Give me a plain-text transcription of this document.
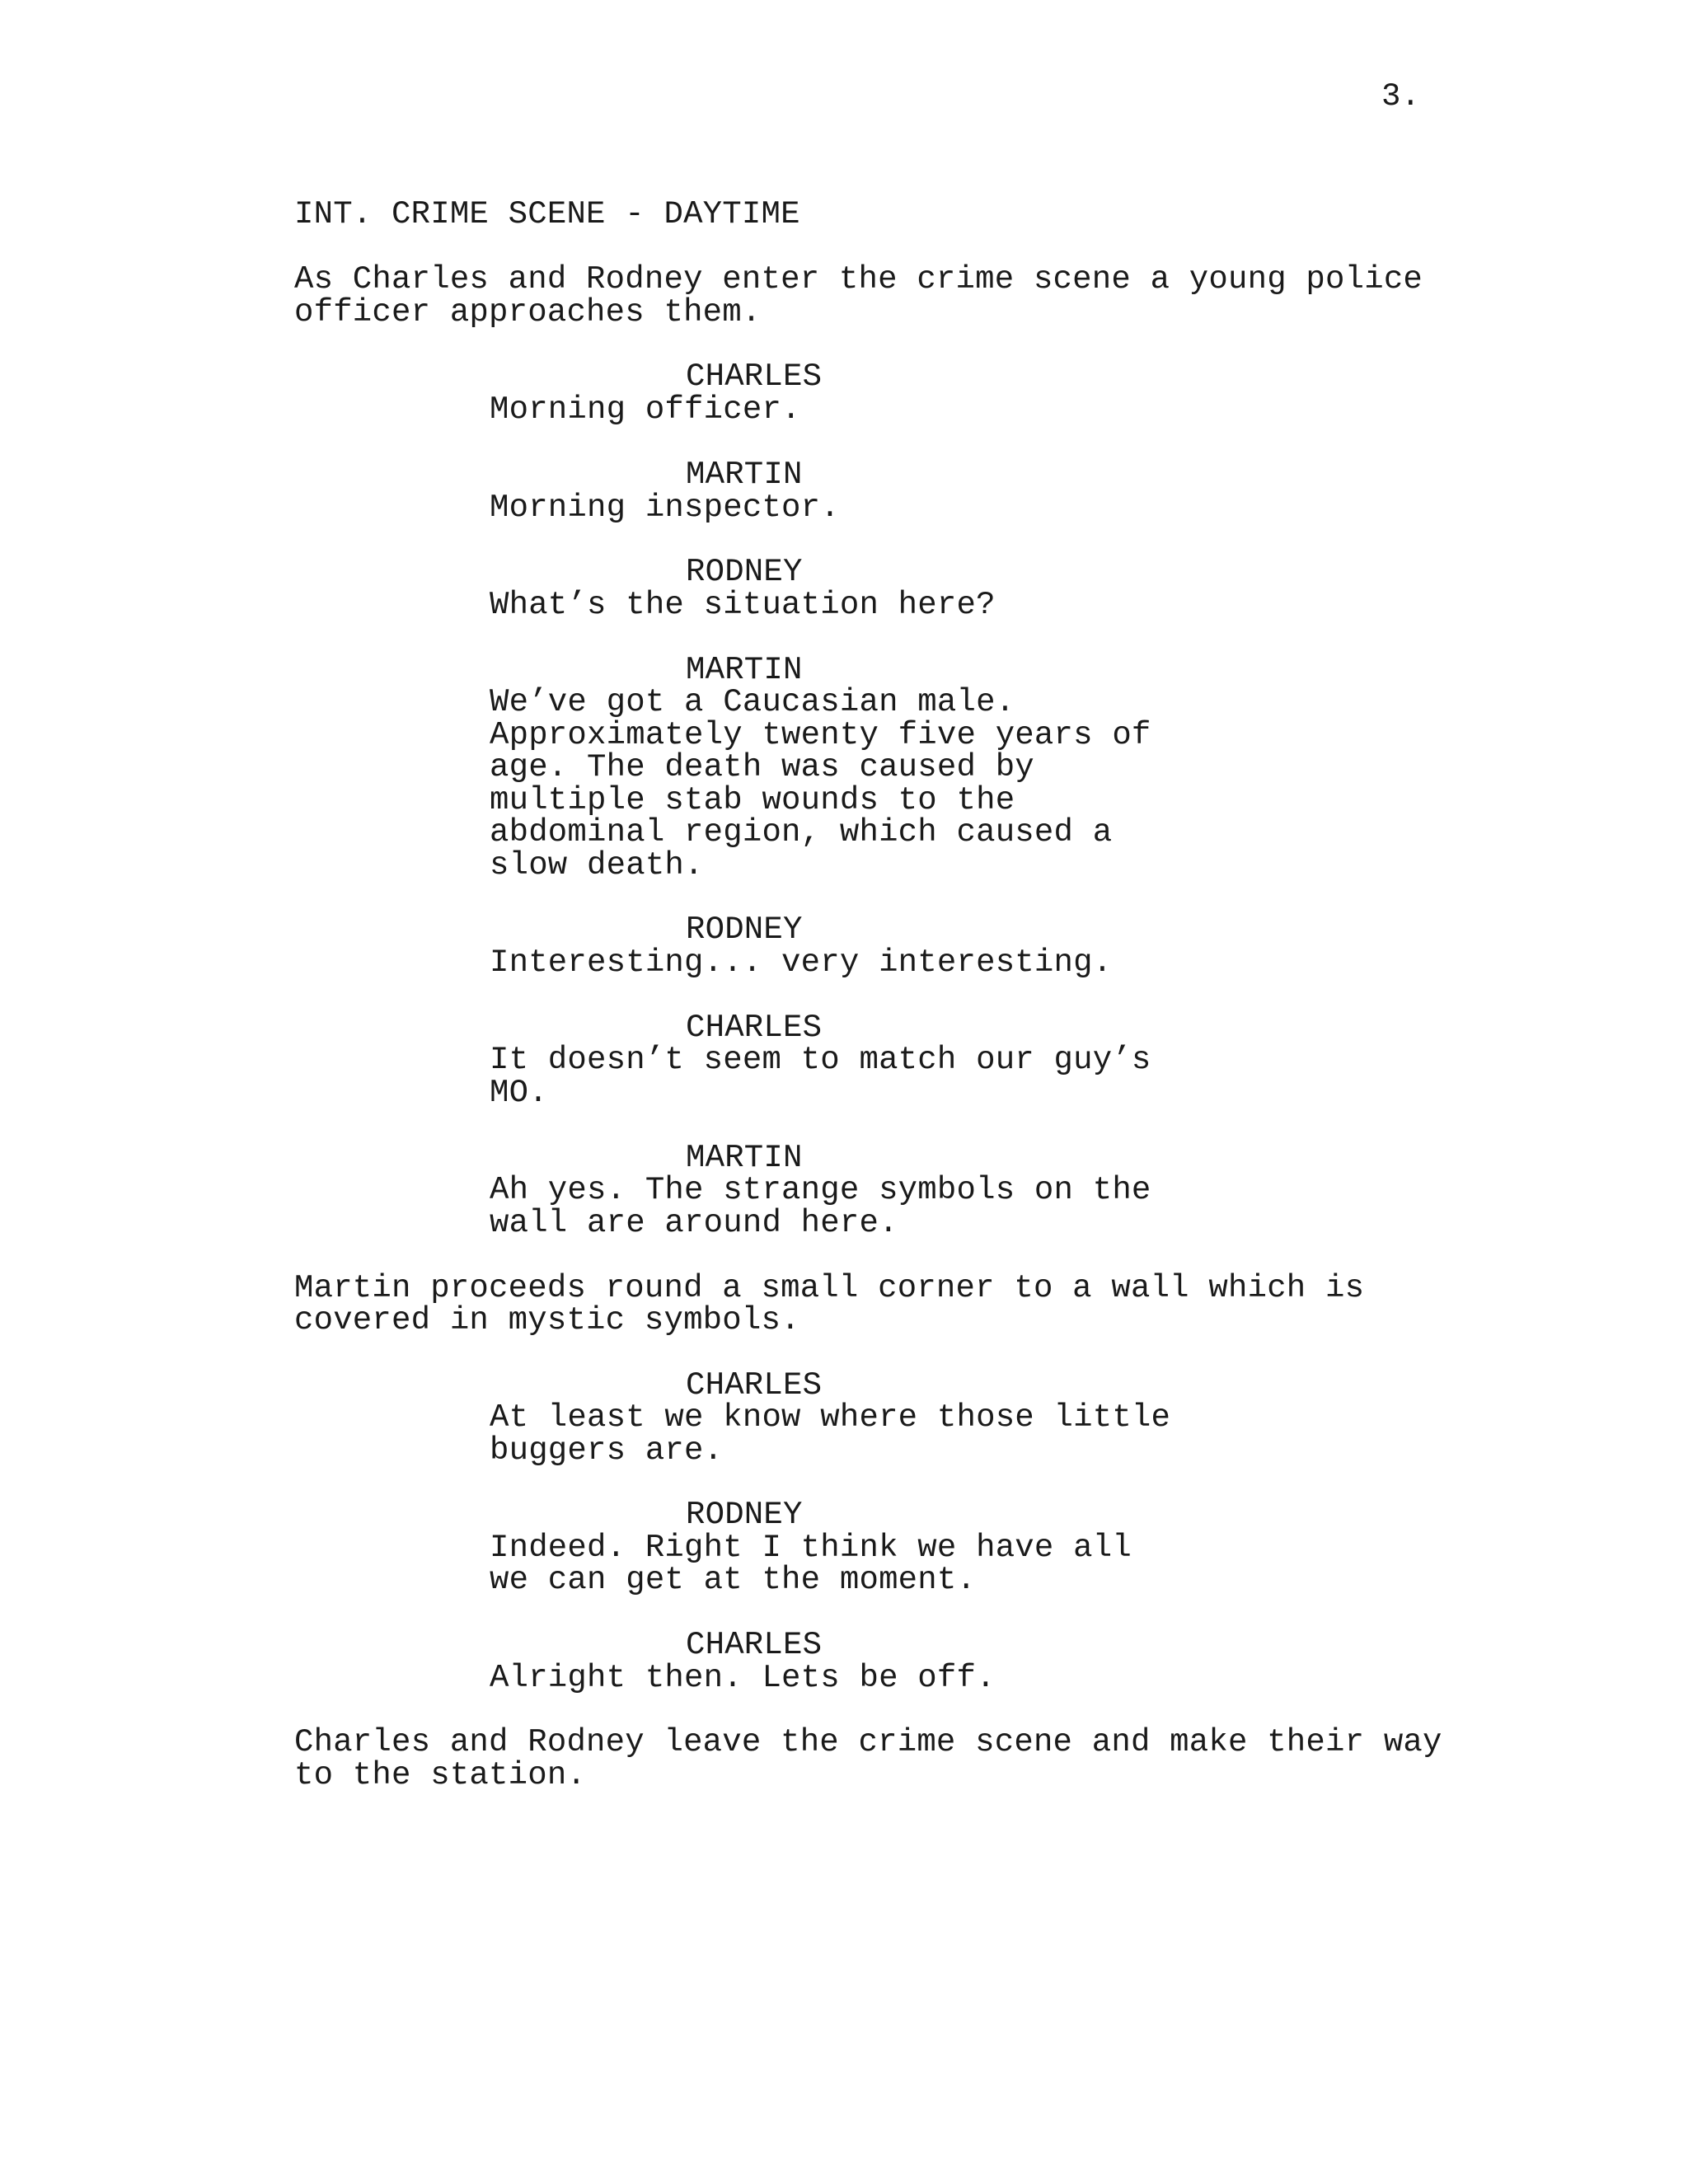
3.
INT. CRIME SCENE - DAYTIME
As Charles and Rodney enter the crime scene a young police
officer approaches them.
CHARLES
Morning officer.
MARTIN
Morning inspector.
RODNEY
What’s the situation here?
MARTIN
We’ve got a Caucasian male.
Approximately twenty five years of
age. The death was caused by
multiple stab wounds to the
abdominal region, which caused a
slow death.
RODNEY
Interesting... very interesting.
CHARLES
It doesn’t seem to match our guy’s
MO.
MARTIN
Ah yes. The strange symbols on the
wall are around here.
Martin proceeds round a small corner to a wall which is
covered in mystic symbols.
CHARLES
At least we know where those little
buggers are.
RODNEY
Indeed. Right I think we have all
we can get at the moment.
CHARLES
Alright then. Lets be off.
Charles and Rodney leave the crime scene and make their way
to the station.
